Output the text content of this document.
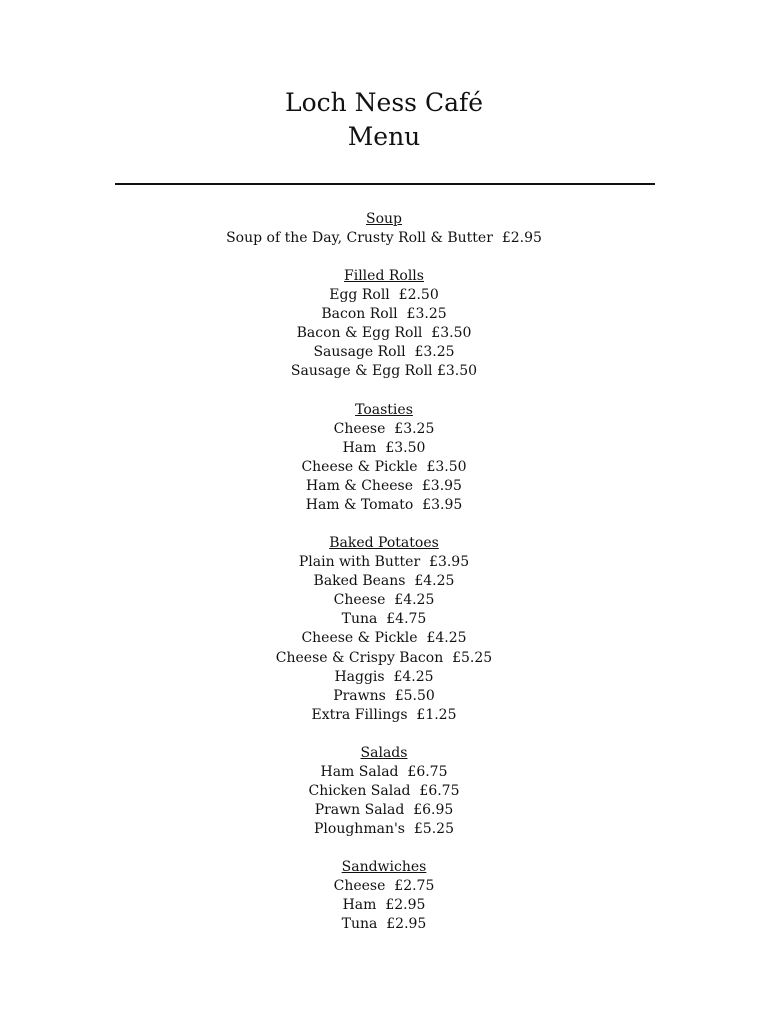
Loch Ness Café
Menu

Soup

Soup of the Day, Crusty Roll & Butter  £2.95

Filled Rolls

Egg Roll  £2.50

Bacon Roll  £3.25

Bacon & Egg Roll  £3.50

Sausage Roll  £3.25

Sausage & Egg Roll £3.50

Toasties

Cheese  £3.25

Ham  £3.50

Cheese & Pickle  £3.50

Ham & Cheese  £3.95

Ham & Tomato  £3.95

Baked Potatoes

Plain with Butter  £3.95

Baked Beans  £4.25

Cheese  £4.25

Tuna  £4.75

Cheese & Pickle  £4.25

Cheese & Crispy Bacon  £5.25

Haggis  £4.25

Prawns  £5.50

Extra Fillings  £1.25

Salads

Ham Salad  £6.75

Chicken Salad  £6.75

Prawn Salad  £6.95

Ploughman's  £5.25

Sandwiches

Cheese  £2.75

Ham  £2.95

Tuna  £2.95
